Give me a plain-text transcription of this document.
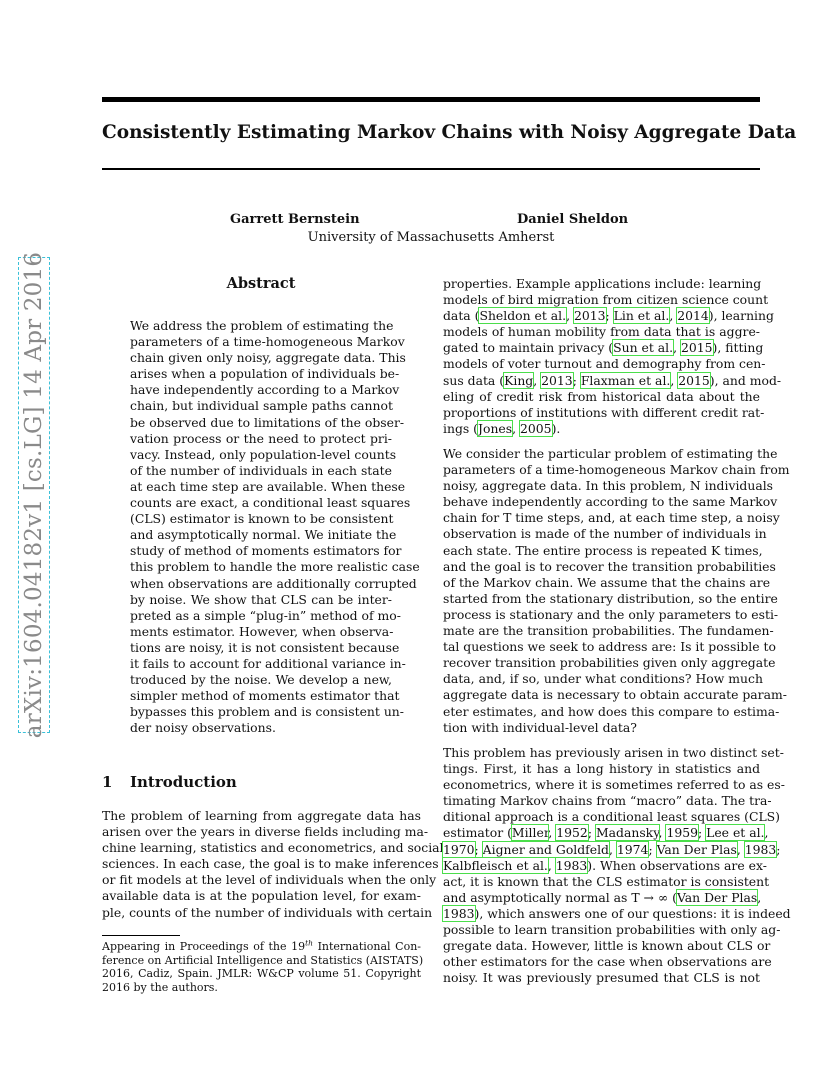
Consistently Estimating Markov Chains with Noisy Aggregate Data
Garrett Bernstein	Daniel Sheldon
University of Massachusetts Amherst
arXiv:1604.04182v1 [cs.LG] 14 Apr 2016	Abstract
We address the problem of estimating the
parameters of a time-homogeneous Markov
chain given only noisy, aggregate data. This
arises when a population of individuals be-
have independently according to a Markov
chain, but individual sample paths cannot
be observed due to limitations of the obser-
vation process or the need to protect pri-
vacy. Instead, only population-level counts
of the number of individuals in each state
at each time step are available. When these
counts are exact, a conditional least squares
(CLS) estimator is known to be consistent
and asymptotically normal. We initiate the
study of method of moments estimators for
this problem to handle the more realistic case
when observations are additionally corrupted
by noise. We show that CLS can be inter-
preted as a simple “plug-in” method of mo-
ments estimator. However, when observa-
tions are noisy, it is not consistent because
it fails to account for additional variance in-
troduced by the noise. We develop a new,
simpler method of moments estimator that
bypasses this problem and is consistent un-
der noisy observations.
1 Introduction
The problem of learning from aggregate data has
arisen over the years in diverse fields including ma-
chine learning, statistics and econometrics, and social
sciences. In each case, the goal is to make inferences
or fit models at the level of individuals when the only
available data is at the population level, for exam-
ple, counts of the number of individuals with certain
Appearing in Proceedings of the 19th International Con-
ference on Artificial Intelligence and Statistics (AISTATS)
2016, Cadiz, Spain. JMLR: W&CP volume 51. Copyright
2016 by the authors.
properties. Example applications include: learning
models of bird migration from citizen science count
data (Sheldon et al., 2013; Lin et al., 2014), learning
models of human mobility from data that is aggre-
gated to maintain privacy (Sun et al., 2015), fitting
models of voter turnout and demography from cen-
sus data (King, 2013; Flaxman et al., 2015), and mod-
eling of credit risk from historical data about the
proportions of institutions with different credit rat-
ings (Jones, 2005).
We consider the particular problem of estimating the
parameters of a time-homogeneous Markov chain from
noisy, aggregate data. In this problem, N individuals
behave independently according to the same Markov
chain for T time steps, and, at each time step, a noisy
observation is made of the number of individuals in
each state. The entire process is repeated K times,
and the goal is to recover the transition probabilities
of the Markov chain. We assume that the chains are
started from the stationary distribution, so the entire
process is stationary and the only parameters to esti-
mate are the transition probabilities. The fundamen-
tal questions we seek to address are: Is it possible to
recover transition probabilities given only aggregate
data, and, if so, under what conditions? How much
aggregate data is necessary to obtain accurate param-
eter estimates, and how does this compare to estima-
tion with individual-level data?
This problem has previously arisen in two distinct set-
tings. First, it has a long history in statistics and
econometrics, where it is sometimes referred to as es-
timating Markov chains from “macro” data. The tra-
ditional approach is a conditional least squares (CLS)
estimator (Miller, 1952; Madansky, 1959; Lee et al.,
1970; Aigner and Goldfeld, 1974; Van Der Plas, 1983;
Kalbfleisch et al., 1983). When observations are ex-
act, it is known that the CLS estimator is consistent
and asymptotically normal as T → ∞ (Van Der Plas,
1983), which answers one of our questions: it is indeed
possible to learn transition probabilities with only ag-
gregate data. However, little is known about CLS or
other estimators for the case when observations are
noisy. It was previously presumed that CLS is not
